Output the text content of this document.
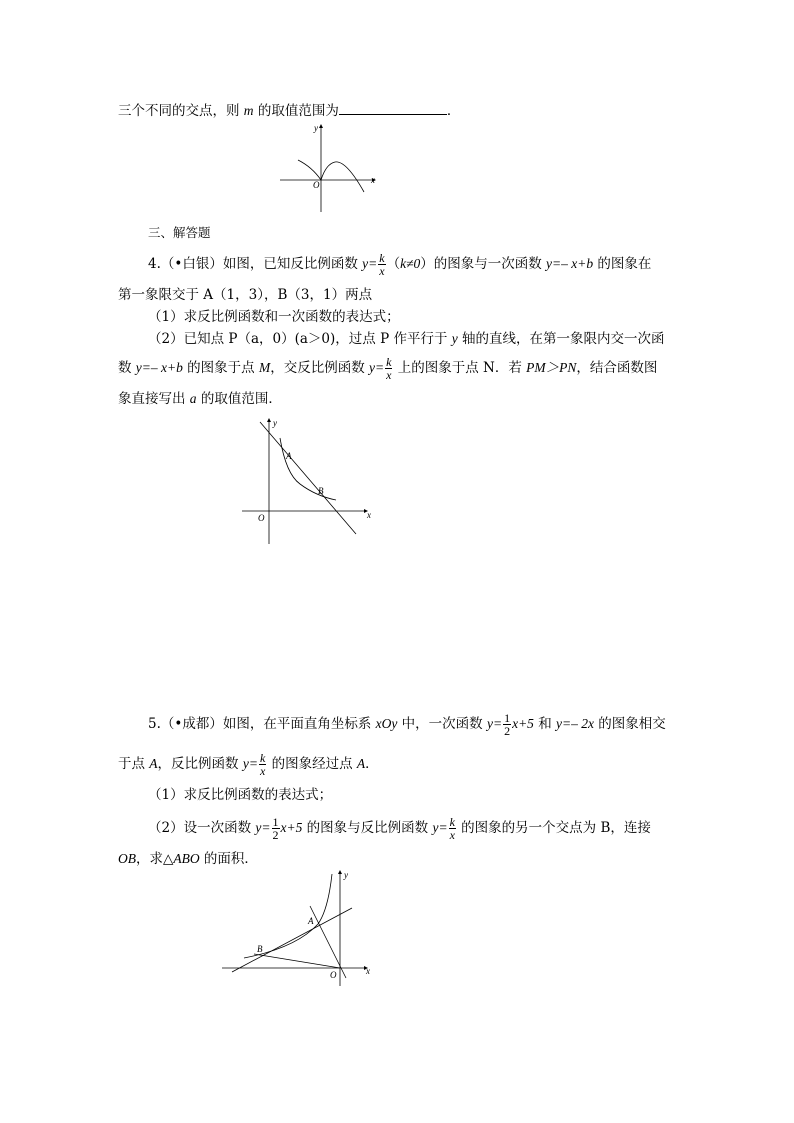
三个不同的交点，则 m 的取值范围为	．
y
x
O
三、解答题
4.（•白银）如图，已知反比例函数 $y= \frac{k}{x} (k\ne 0)$的图象与一次函数 y=– x+b 的图象在
第一象限交于 A（1，3），B（3，1）两点
（1）求反比例函数和一次函数的表达式；
（2）已知点 P（a，0）(a＞0)，过点 P 作平行于 y 轴的直线，在第一象限内交一次函
数 y=– x+b 的图象于点 M，交反比例函数 $y= \frac{k}{x}$ 上的图象于点 N．若 PM＞PN，结合函数图
象直接写出 a 的取值范围．
y
x
O
A
B
5.（•成都）如图，在平面直角坐标系 xOy 中，一次函数 $y= \frac{1}{2} x+5$ 和 y=– 2x 的图象相交
于点 A，反比例函数 $y= \frac{k}{x}$ 的图象经过点 A．
（1）求反比例函数的表达式；
（2）设一次函数 $y= \frac{1}{2} x+5$ 的图象与反比例函数 $y= \frac{k}{x}$ 的图象的另一个交点为 B，连接
OB，求△ABO 的面积．
y
x
O
A
B
